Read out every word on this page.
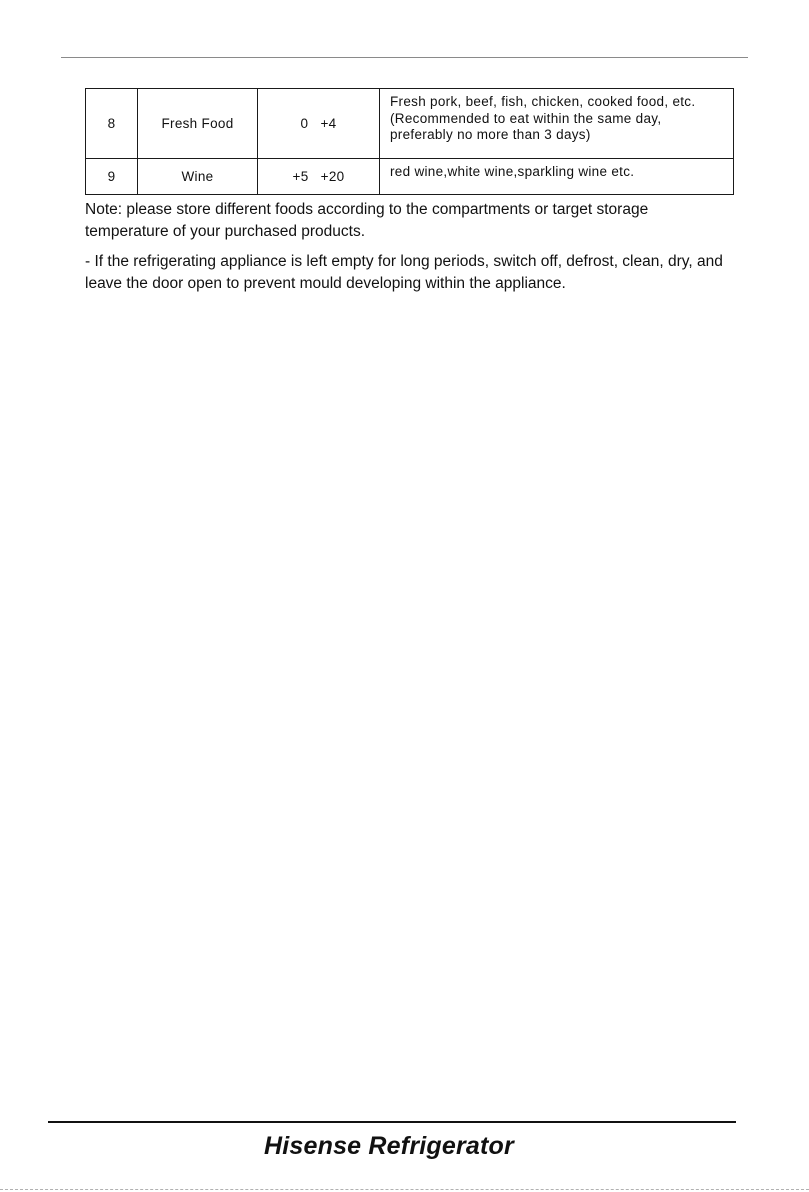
8	Fresh Food	0   +4	Fresh pork, beef, fish, chicken, cooked food, etc.
(Recommended to eat within the same day,
preferably no more than 3 days)

9	Wine	+5   +20	red wine,white wine,sparkling wine etc.

Note: please store different foods according to the compartments or target storage temperature of your purchased products.

- If the refrigerating appliance is left empty for long periods, switch off, defrost, clean, dry, and leave the door open to prevent mould developing within the appliance.

Hisense Refrigerator
